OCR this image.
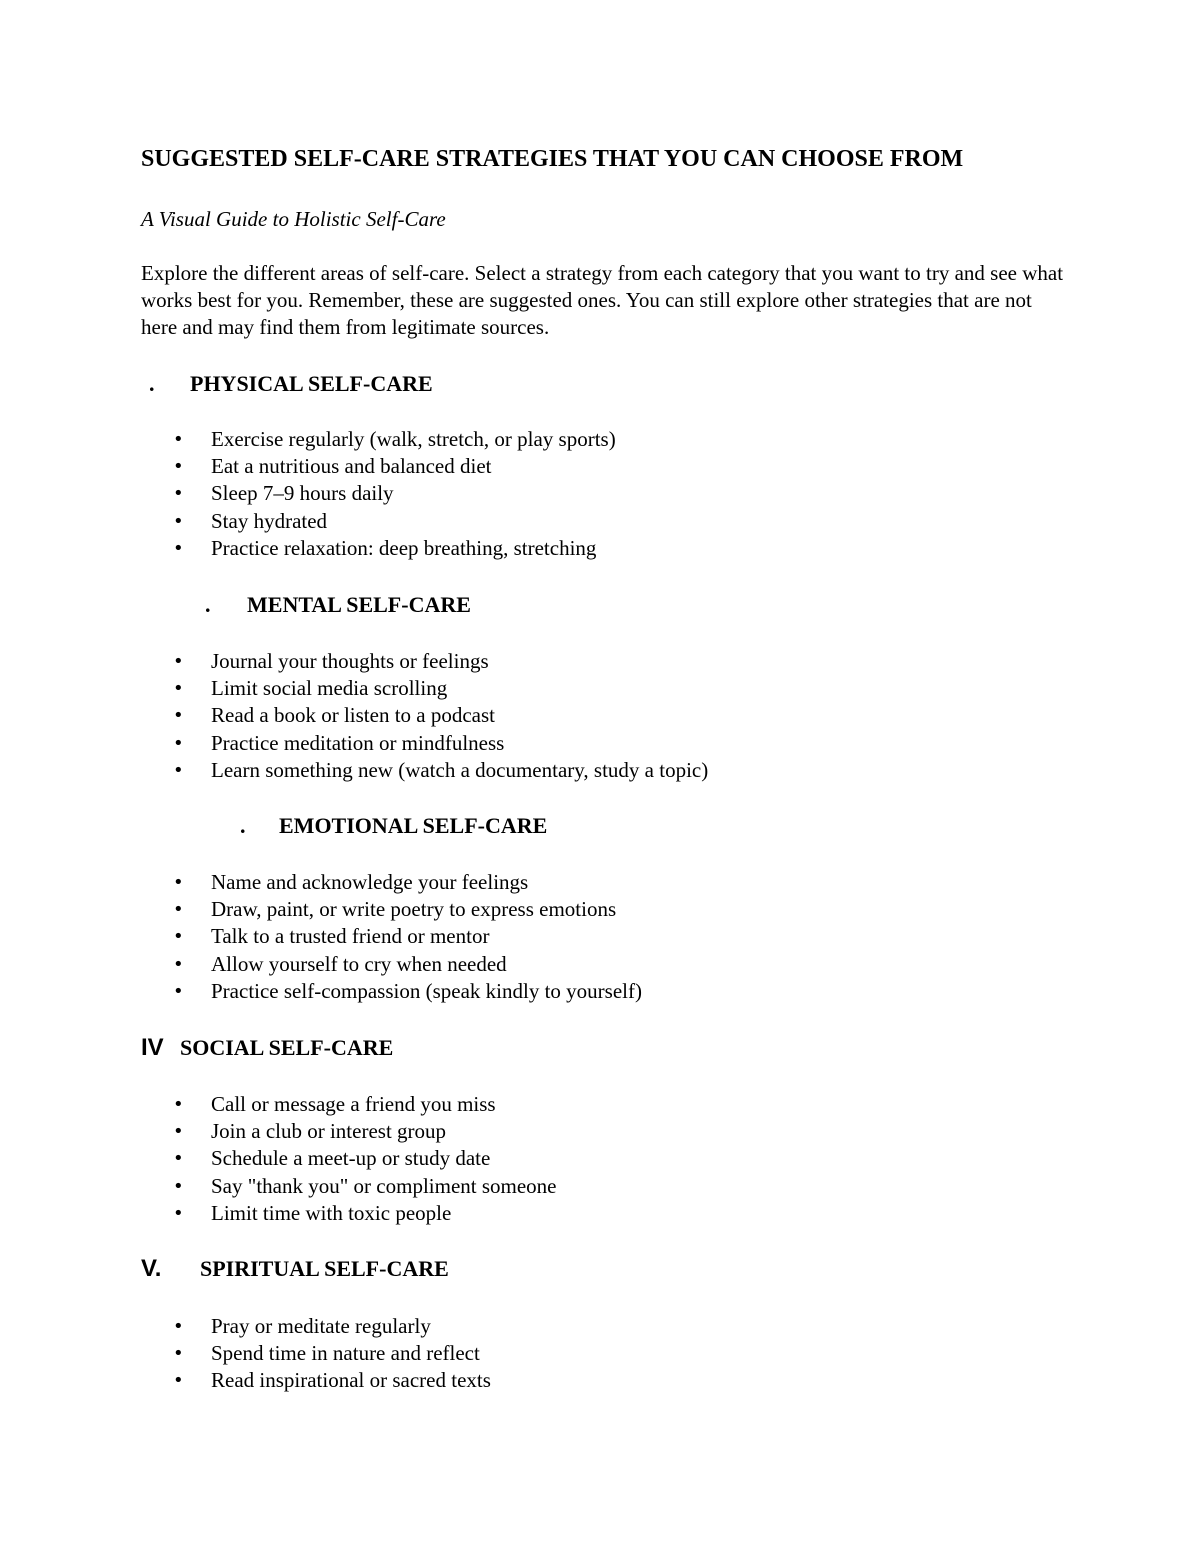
SUGGESTED SELF-CARE STRATEGIES THAT YOU CAN CHOOSE FROM

A Visual Guide to Holistic Self-Care

Explore the different areas of self-care. Select a strategy from each category that you want to try and see what works best for you. Remember, these are suggested ones. You can still explore other strategies that are not here and may find them from legitimate sources.

. PHYSICAL SELF-CARE
• Exercise regularly (walk, stretch, or play sports)
• Eat a nutritious and balanced diet
• Sleep 7–9 hours daily
• Stay hydrated
• Practice relaxation: deep breathing, stretching
. MENTAL SELF-CARE
• Journal your thoughts or feelings
• Limit social media scrolling
• Read a book or listen to a podcast
• Practice meditation or mindfulness
• Learn something new (watch a documentary, study a topic)
. EMOTIONAL SELF-CARE
• Name and acknowledge your feelings
• Draw, paint, or write poetry to express emotions
• Talk to a trusted friend or mentor
• Allow yourself to cry when needed
• Practice self-compassion (speak kindly to yourself)
IV SOCIAL SELF-CARE
• Call or message a friend you miss
• Join a club or interest group
• Schedule a meet-up or study date
• Say "thank you" or compliment someone
• Limit time with toxic people
V. SPIRITUAL SELF-CARE
• Pray or meditate regularly
• Spend time in nature and reflect
• Read inspirational or sacred texts
